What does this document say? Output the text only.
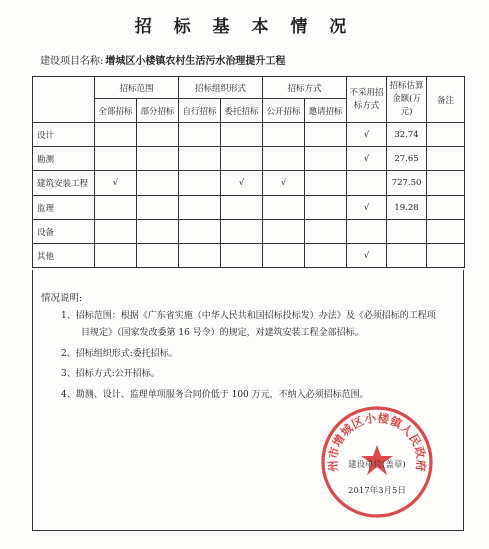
招 标 基 本 情 况
建设项目名称: 增城区小楼镇农村生活污水治理提升工程
	招标范围		招标组织形式		招标方式		不采用招标方式	招标估算金额(万元)	备注
	全部招标	部分招标	自行招标	委托招标	公开招标	邀请招标			
设计							√	32.74	
勘测							√	27.65	
建筑安装工程	√			√	√			727.50	
监理							√	19.28	
设备									
其他							√		
情况说明:
1、招标范围：根据《广东省实施（中华人民共和国招标投标发）办法》及《必须招标的工程项
目规定》（国家发改委第 16 号令）的规定，对建筑安装工程全部招标。
2、招标组织形式:委托招标。
3、招标方式:公开招标。
4、勘测、设计、监理单项服务合同价低于 100 万元，不纳入必须招标范围。
州市增城区小楼镇人民政府
建设单位(盖章)
2017年3月5日
